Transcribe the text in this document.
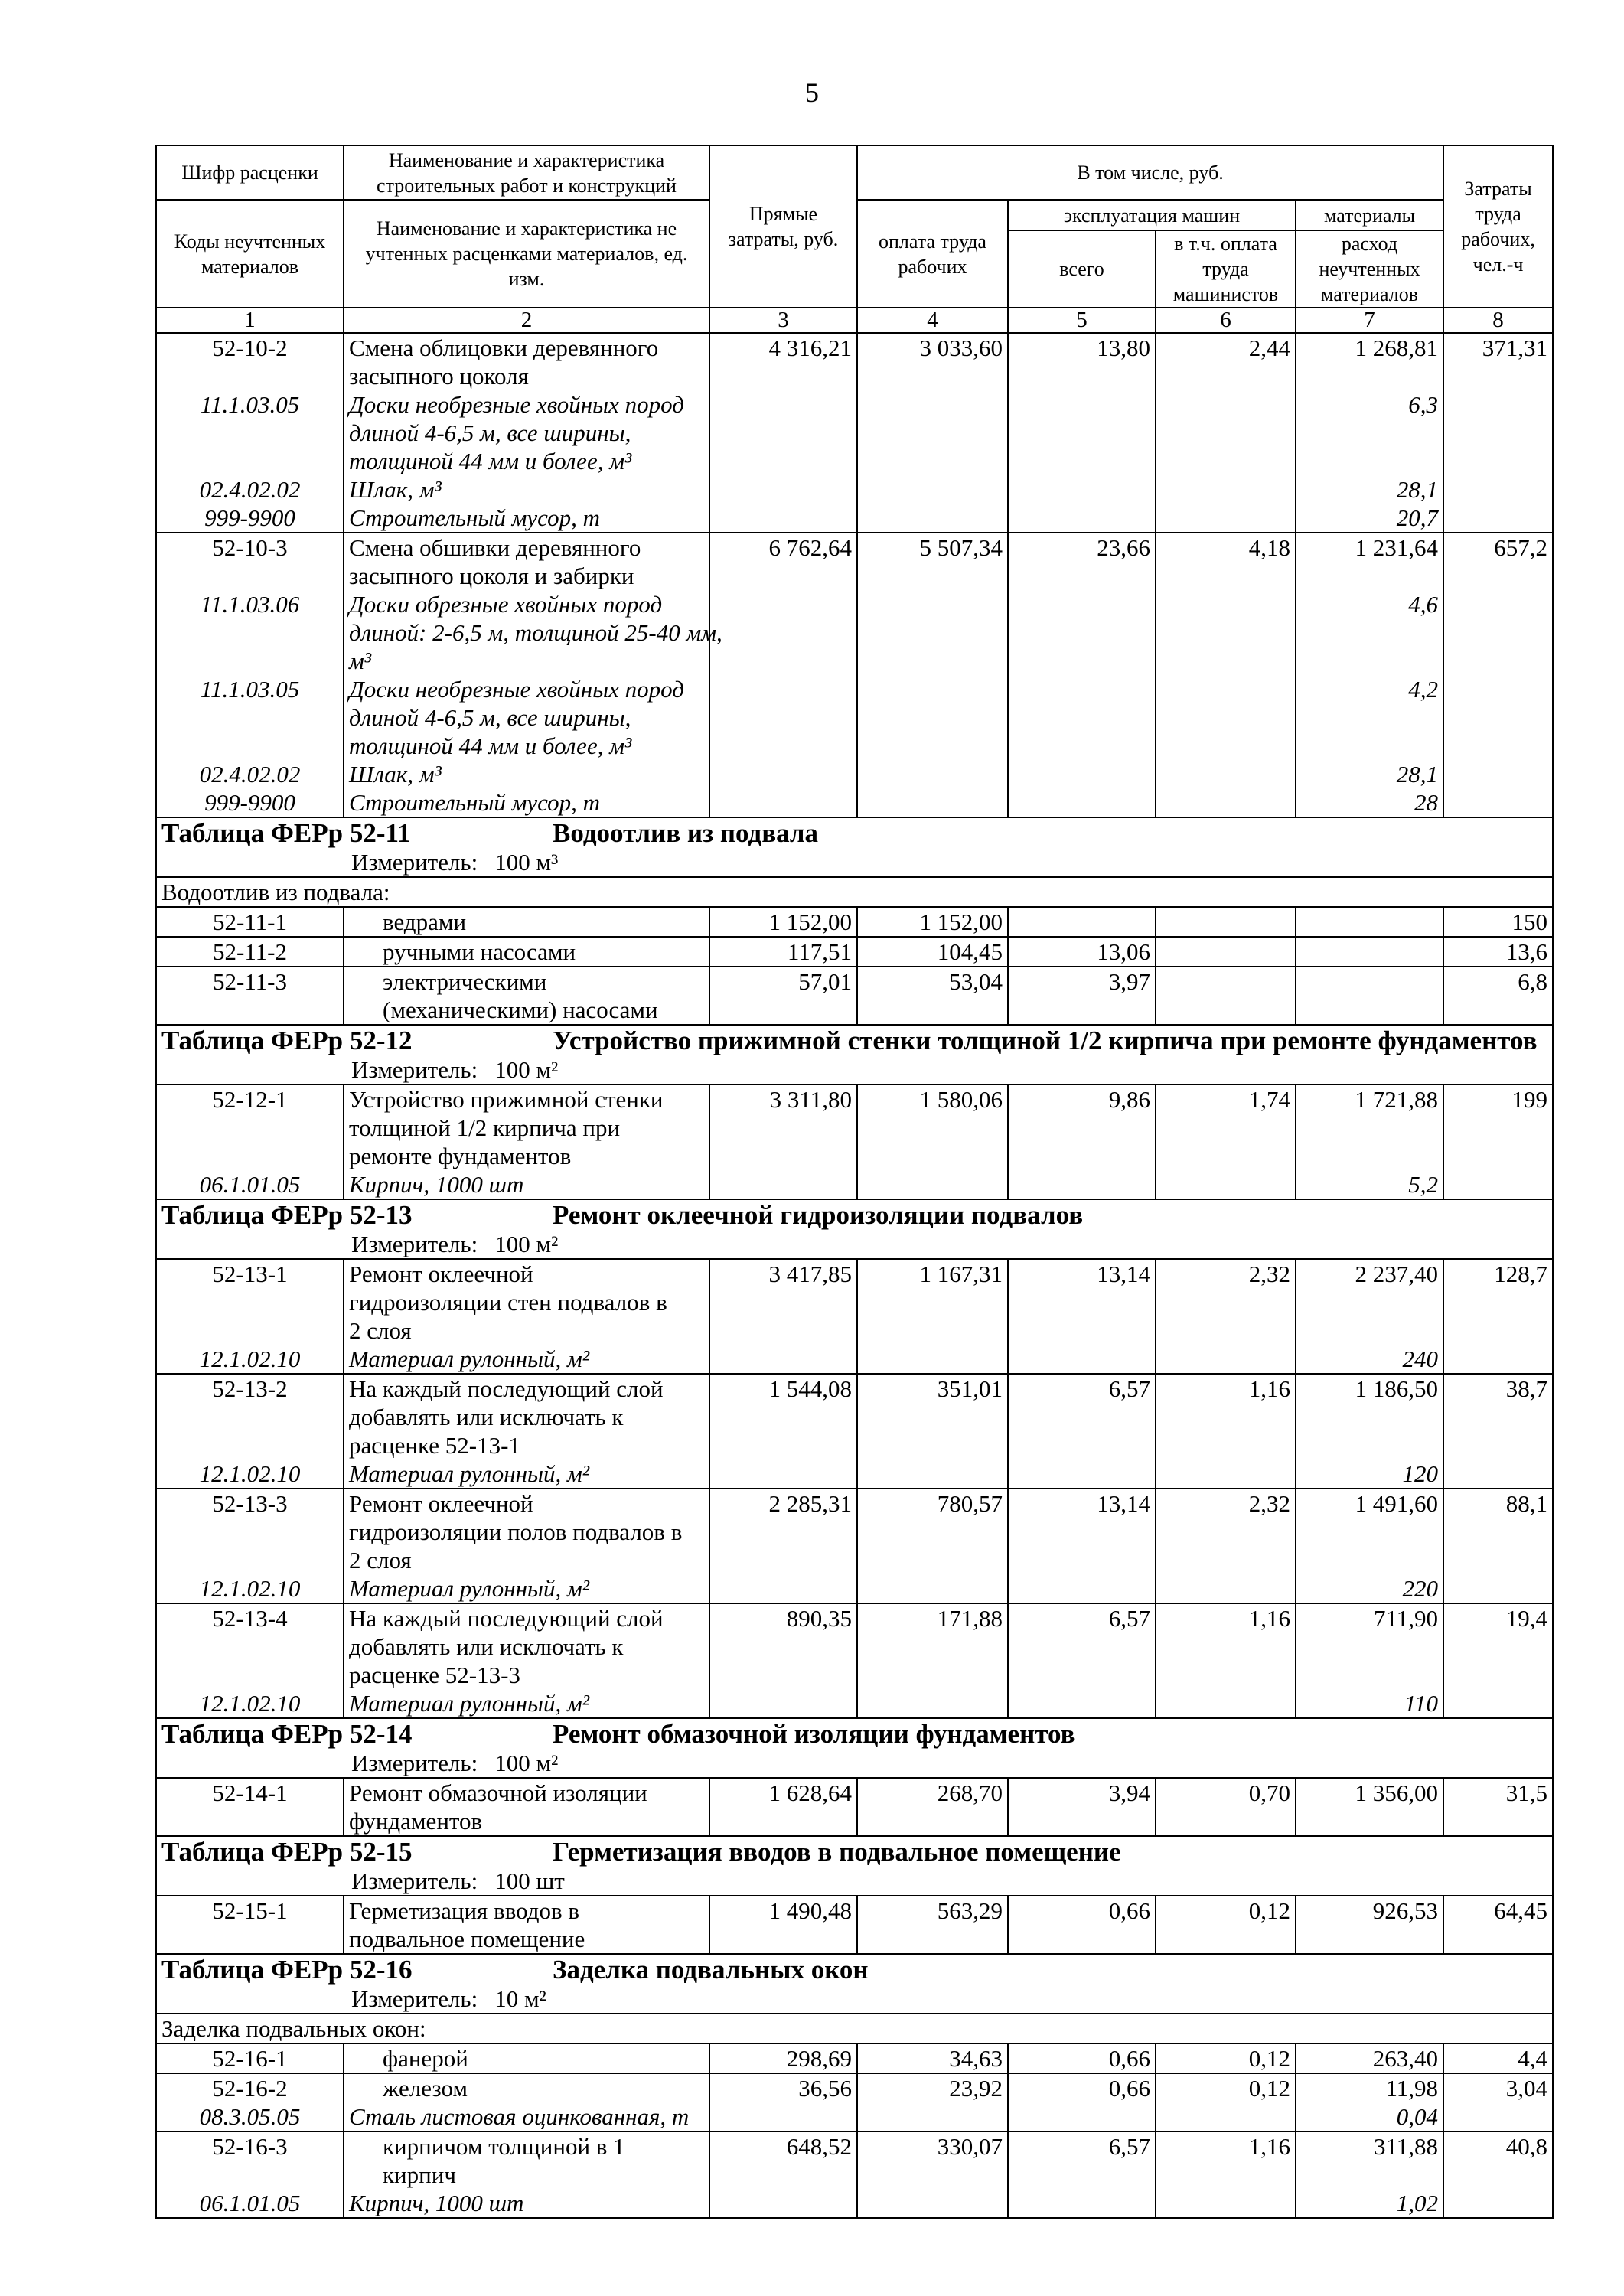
5
Шифр расценки	Наименование и характеристика строительных работ и конструкций	Прямые затраты, руб.	В том числе, руб.				Затраты труда рабочих, чел.-ч
Коды неучтенных материалов	Наименование и характеристика не учтенных расценками материалов, ед. изм.		оплата труда рабочих	эксплуатация машин		материалы	
				всего	в т.ч. оплата труда машинистов	расход неучтенных материалов	
1	2	3	4	5	6	7	8
52-10-2	Смена облицовки деревянного
засыпного цоколя	4 316,21	3 033,60	13,80	2,44	1 268,81	371,31
11.1.03.05	Доски необрезные хвойных пород
длиной 4-6,5 м, все ширины,
толщиной 44 мм и более, м³					6,3	
02.4.02.02	Шлак, м³					28,1	
999-9900	Строительный мусор, т					20,7	
52-10-3	Смена обшивки деревянного
засыпного цоколя и забирки	6 762,64	5 507,34	23,66	4,18	1 231,64	657,2
11.1.03.06	Доски обрезные хвойных пород
длиной: 2-6,5 м, толщиной 25-40 мм,
м³					4,6	
11.1.03.05	Доски необрезные хвойных пород
длиной 4-6,5 м, все ширины,
толщиной 44 мм и более, м³					4,2	
02.4.02.02	Шлак, м³					28,1	
999-9900	Строительный мусор, т					28	

Таблица ФЕРр 52-11 Водоотлив из подвала
Измеритель: 100 м³							

Водоотлив из подвала:							
52-11-1	ведрами	1 152,00	1 152,00				150
52-11-2	ручными насосами	117,51	104,45	13,06			13,6
52-11-3	электрическими
(механическими) насосами	57,01	53,04	3,97			6,8

Таблица ФЕРр 52-12 Устройство прижимной стенки толщиной 1/2 кирпича при ремонте фундаментов
Измеритель: 100 м²							

52-12-1	Устройство прижимной стенки
толщиной 1/2 кирпича при
ремонте фундаментов	3 311,80	1 580,06	9,86	1,74	1 721,88	199
06.1.01.05	Кирпич, 1000 шт					5,2	

Таблица ФЕРр 52-13 Ремонт оклеечной гидроизоляции подвалов
Измеритель: 100 м²							

52-13-1	Ремонт оклеечной
гидроизоляции стен подвалов в
2 слоя	3 417,85	1 167,31	13,14	2,32	2 237,40	128,7
12.1.02.10	Материал рулонный, м²					240	
52-13-2	На каждый последующий слой
добавлять или исключать к
расценке 52-13-1	1 544,08	351,01	6,57	1,16	1 186,50	38,7
12.1.02.10	Материал рулонный, м²					120	
52-13-3	Ремонт оклеечной
гидроизоляции полов подвалов в
2 слоя	2 285,31	780,57	13,14	2,32	1 491,60	88,1
12.1.02.10	Материал рулонный, м²					220	
52-13-4	На каждый последующий слой
добавлять или исключать к
расценке 52-13-3	890,35	171,88	6,57	1,16	711,90	19,4
12.1.02.10	Материал рулонный, м²					110	

Таблица ФЕРр 52-14 Ремонт обмазочной изоляции фундаментов
Измеритель: 100 м²							

52-14-1	Ремонт обмазочной изоляции
фундаментов	1 628,64	268,70	3,94	0,70	1 356,00	31,5

Таблица ФЕРр 52-15 Герметизация вводов в подвальное помещение
Измеритель: 100 шт							

52-15-1	Герметизация вводов в
подвальное помещение	1 490,48	563,29	0,66	0,12	926,53	64,45

Таблица ФЕРр 52-16 Заделка подвальных окон
Измеритель: 10 м²							

Заделка подвальных окон:							
52-16-1	фанерой	298,69	34,63	0,66	0,12	263,40	4,4
52-16-2	железом	36,56	23,92	0,66	0,12	11,98	3,04
08.3.05.05	Сталь листовая оцинкованная, т					0,04	
52-16-3	кирпичом толщиной в 1
кирпич	648,52	330,07	6,57	1,16	311,88	40,8
06.1.01.05	Кирпич, 1000 шт					1,02	
